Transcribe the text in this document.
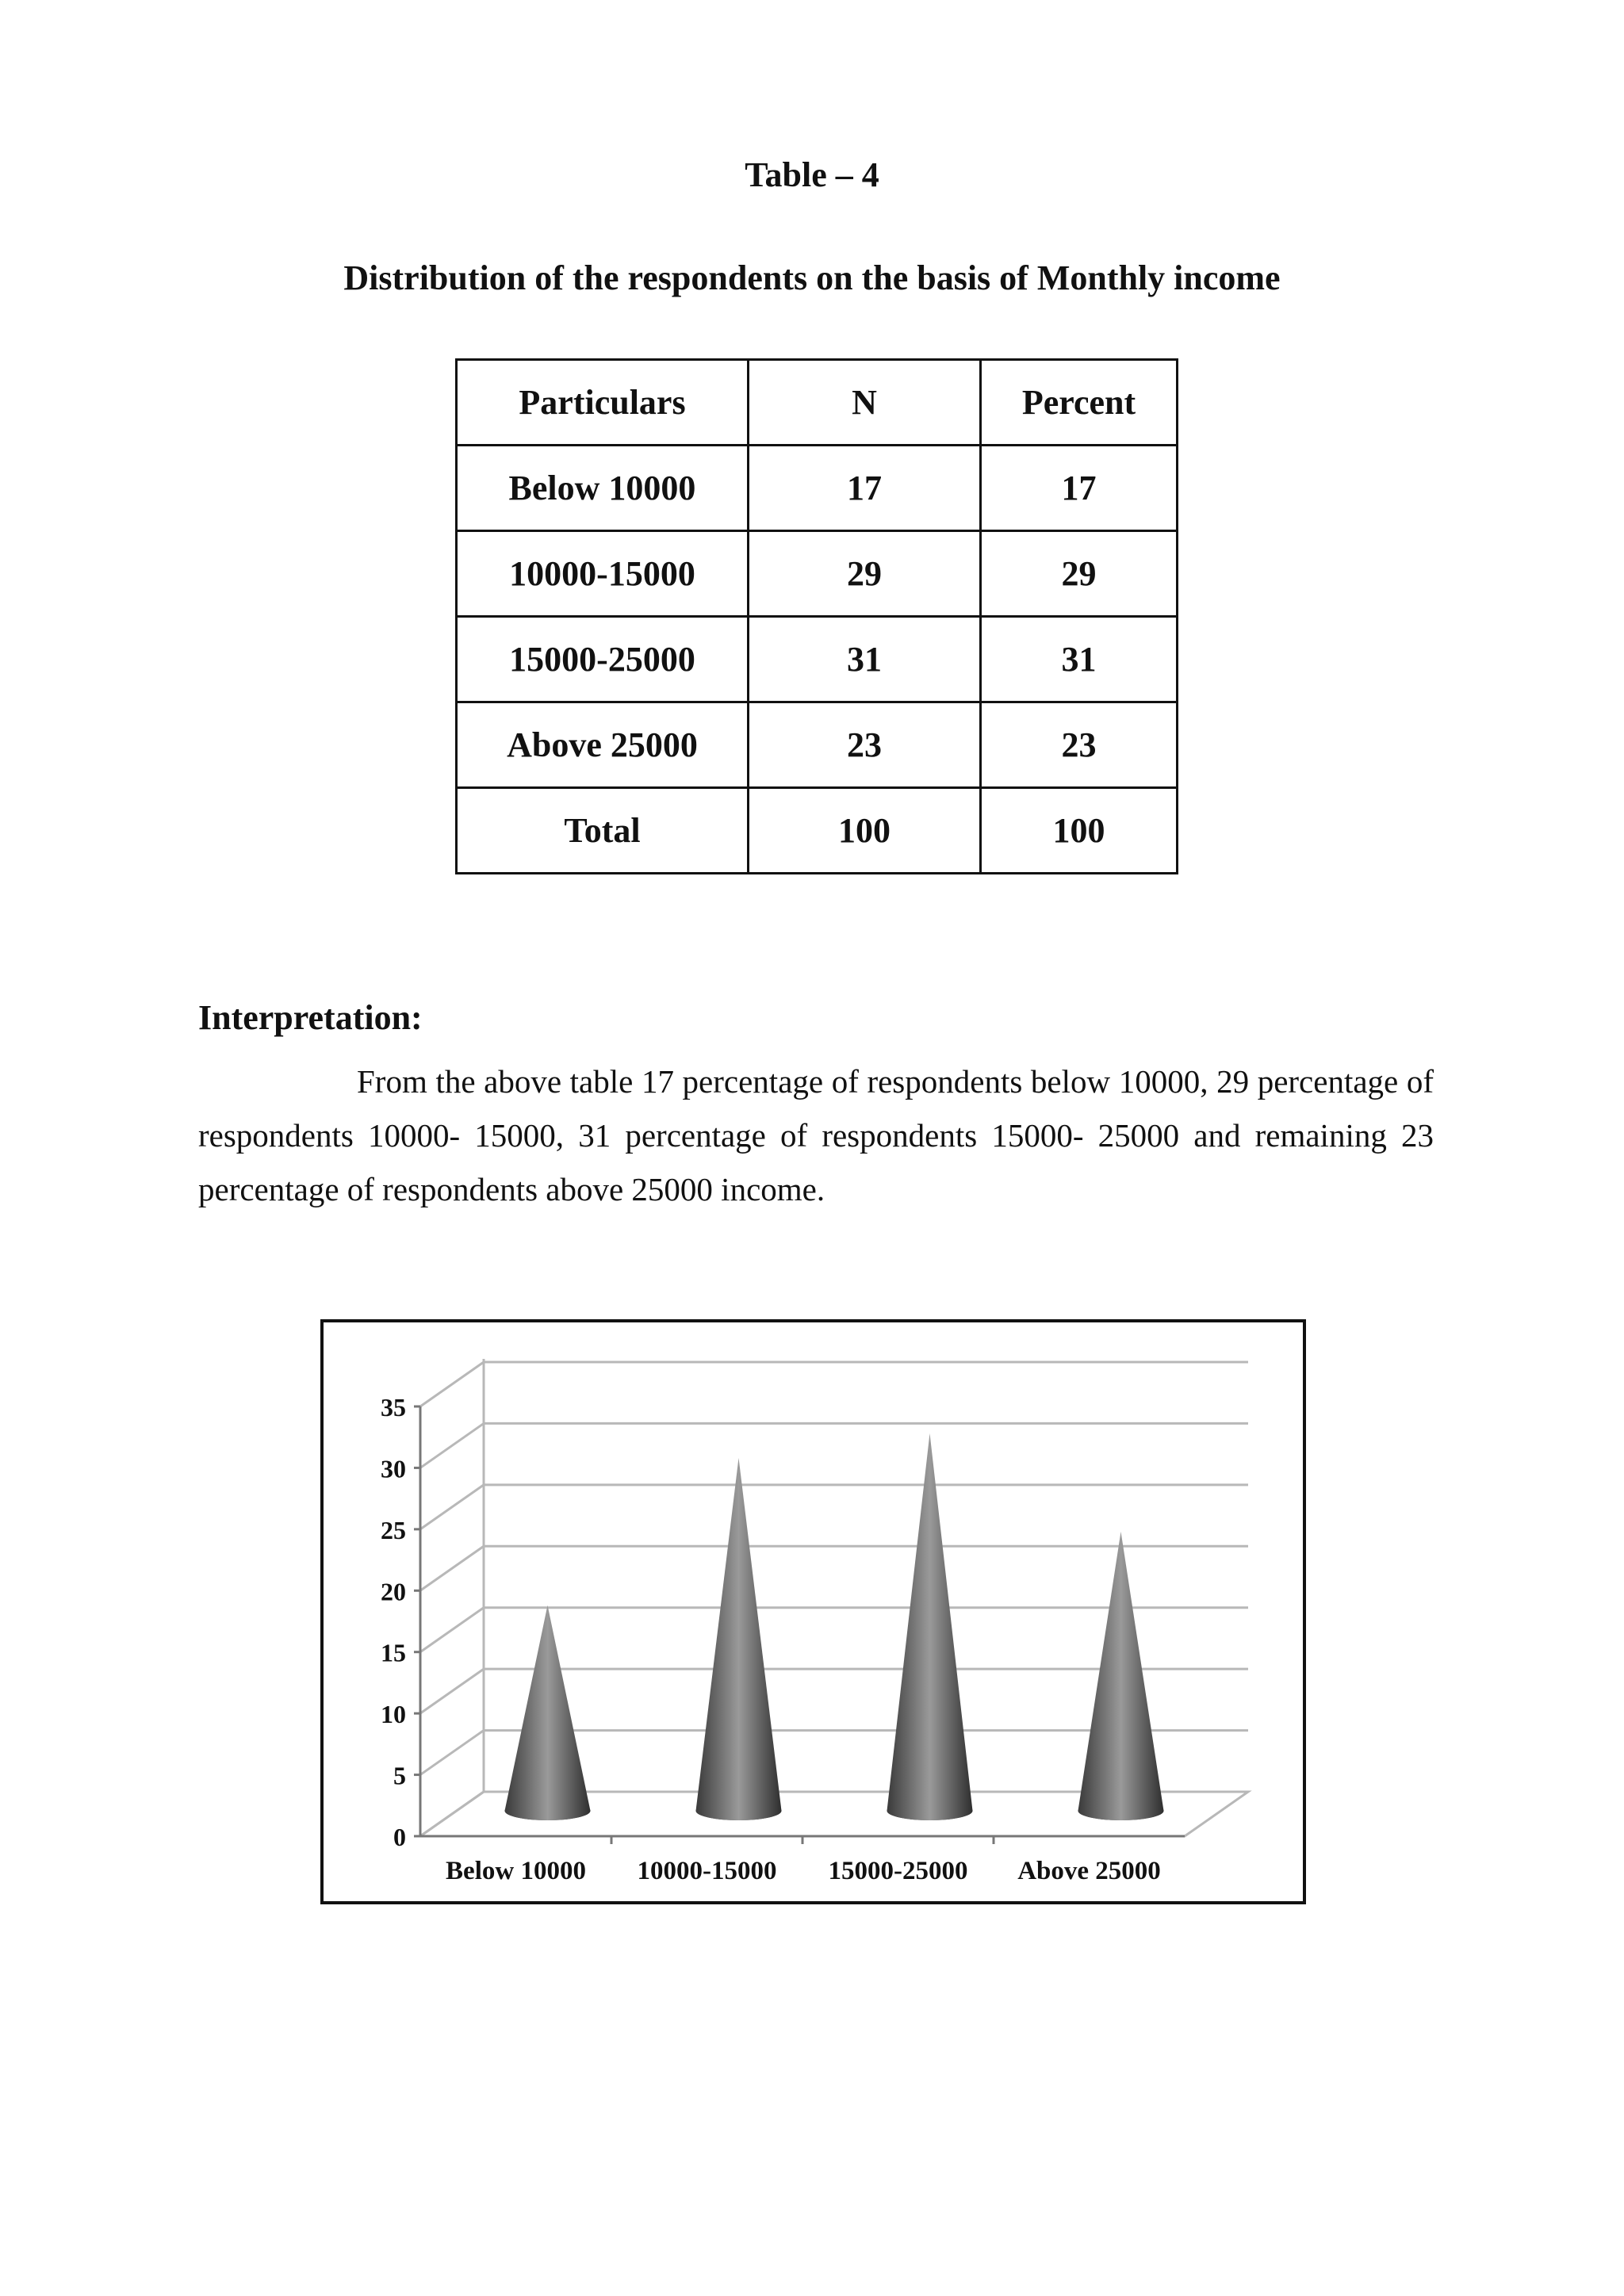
Table – 4
Distribution of the respondents on the basis of Monthly income
Particulars	N	Percent
Below 10000	17	17
10000-15000	29	29
15000-25000	31	31
Above 25000	23	23
Total	100	100
Interpretation:

From the above table 17 percentage of respondents below 10000, 29 percentage of respondents 10000- 15000, 31 percentage of respondents 15000- 25000 and remaining 23 percentage of respondents above 25000 income.

0
5
10
15
20
25
30
35
Below 10000 10000-15000 15000-25000 Above 25000
